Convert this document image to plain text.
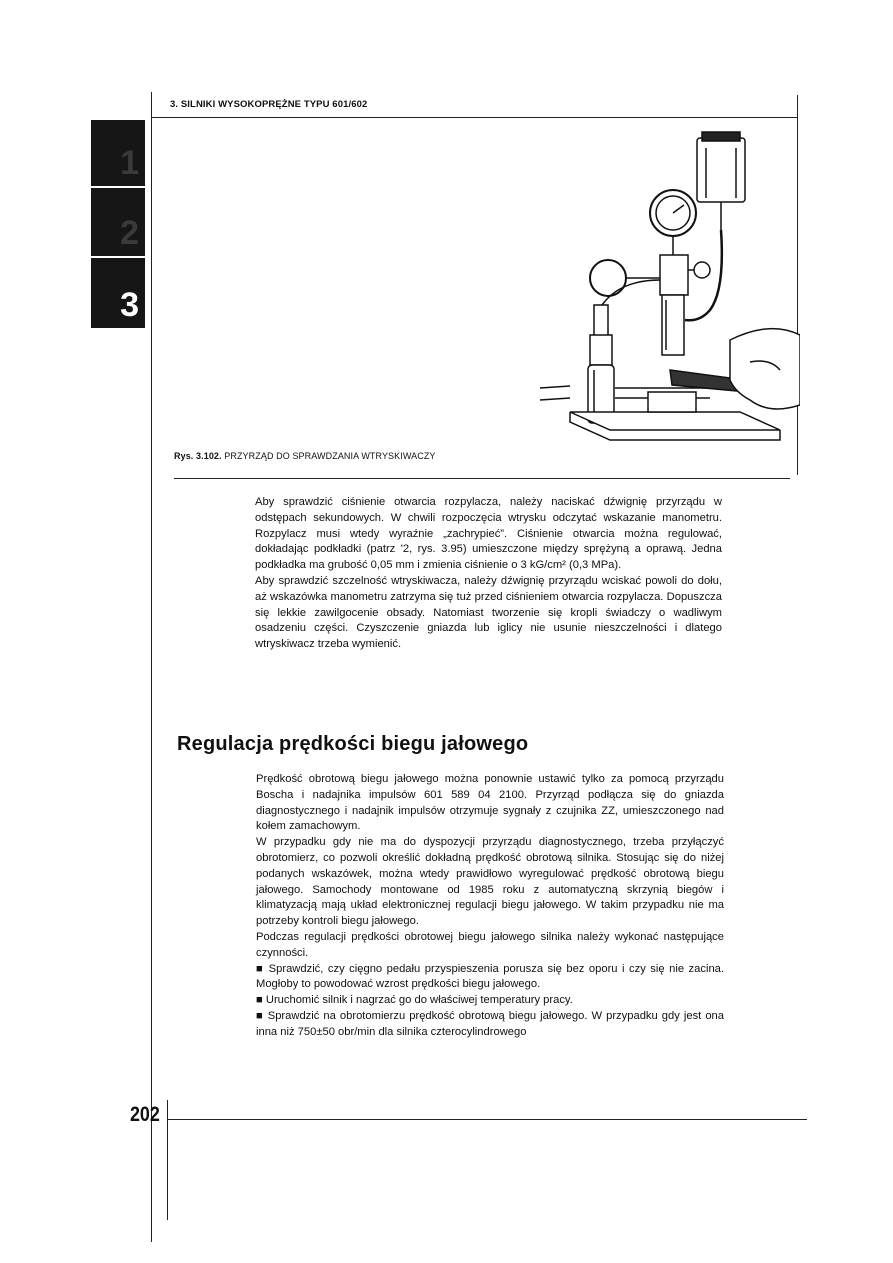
3. SILNIKI WYSOKOPRĘŻNE TYPU 601/602
1
2
3
Rys. 3.102. PRZYRZĄD DO SPRAWDZANIA WTRYSKIWACZY

Aby sprawdzić ciśnienie otwarcia rozpylacza, należy naciskać dźwignię przyrządu w odstępach sekundowych. W chwili rozpoczęcia wtrysku odczytać wskazanie manometru. Rozpylacz musi wtedy wyraźnie „zachrypieć”. Ciśnienie otwarcia można regulować, dokładając podkładki (patrz '2, rys. 3.95) umieszczone między sprężyną a oprawą. Jedna podkładka ma grubość 0,05 mm i zmienia ciśnienie o 3 kG/cm² (0,3 MPa).

Aby sprawdzić szczelność wtryskiwacza, należy dźwignię przyrządu wciskać powoli do dołu, aż wskazówka manometru zatrzyma się tuż przed ciśnieniem otwarcia rozpylacza. Dopuszcza się lekkie zawilgocenie obsady. Natomiast tworzenie się kropli świadczy o wadliwym osadzeniu części. Czyszczenie gniazda lub iglicy nie usunie nieszczelności i dlatego wtryskiwacz trzeba wymienić.

Regulacja prędkości biegu jałowego

Prędkość obrotową biegu jałowego można ponownie ustawić tylko za pomocą przyrządu Boscha i nadajnika impulsów 601 589 04 2100. Przyrząd podłącza się do gniazda diagnostycznego i nadajnik impulsów otrzymuje sygnały z czujnika ZZ, umieszczonego nad kołem zamachowym.

W przypadku gdy nie ma do dyspozycji przyrządu diagnostycznego, trzeba przyłączyć obrotomierz, co pozwoli określić dokładną prędkość obrotową silnika. Stosując się do niżej podanych wskazówek, można wtedy prawidłowo wyregulować prędkość obrotową biegu jałowego. Samochody montowane od 1985 roku z automatyczną skrzynią biegów i klimatyzacją mają układ elektronicznej regulacji biegu jałowego. W takim przypadku nie ma potrzeby kontroli biegu jałowego.

Podczas regulacji prędkości obrotowej biegu jałowego silnika należy wykonać następujące czynności.

■ Sprawdzić, czy cięgno pedału przyspieszenia porusza się bez oporu i czy się nie zacina. Mogłoby to powodować wzrost prędkości biegu jałowego.

■ Uruchomić silnik i nagrzać go do właściwej temperatury pracy.

■ Sprawdzić na obrotomierzu prędkość obrotową biegu jałowego. W przypadku gdy jest ona inna niż 750±50 obr/min dla silnika czterocylindrowego

202
